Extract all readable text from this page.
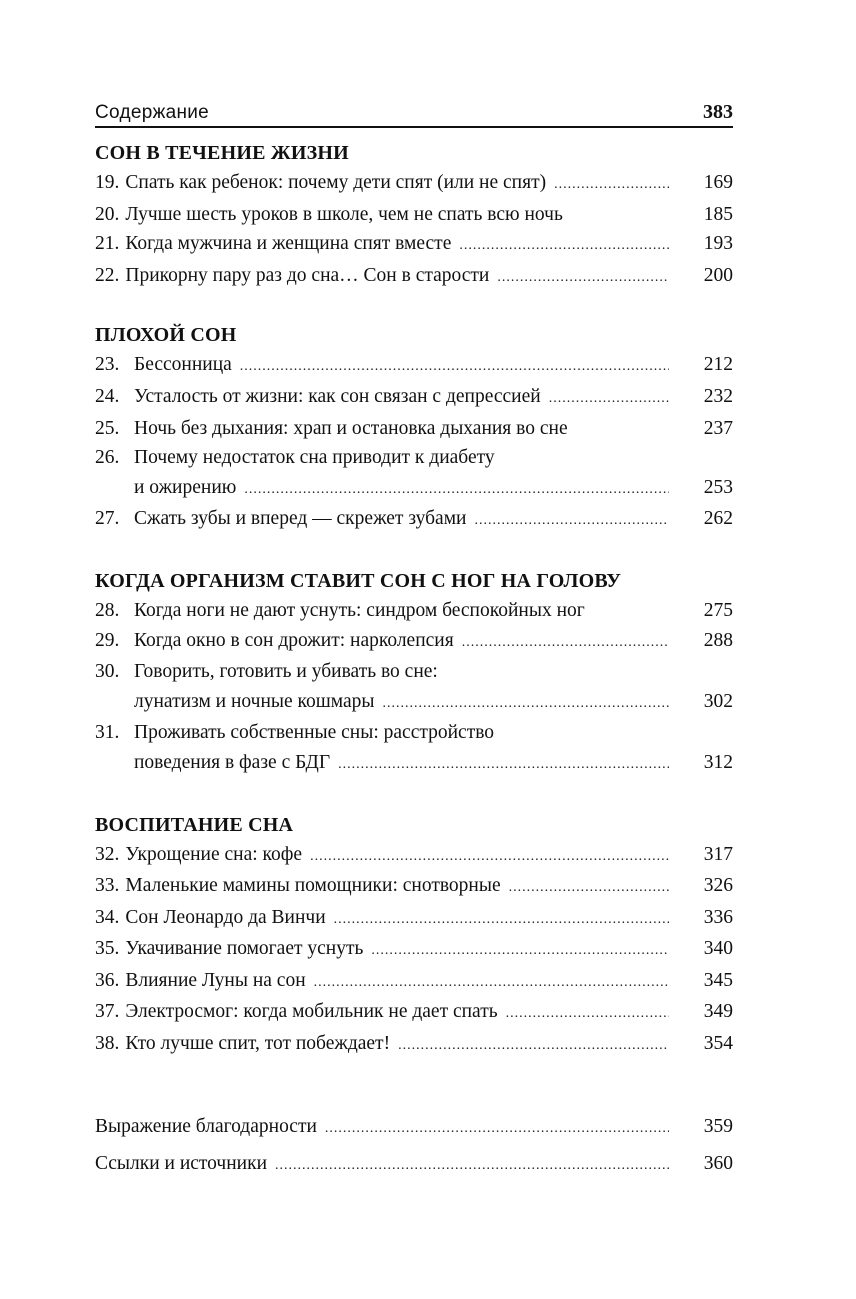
Содержание	383
СОН В ТЕЧЕНИЕ ЖИЗНИ
19. Спать как ребенок: почему дети спят (или не спят) .....	169
20. Лучше шесть уроков в школе, чем не спать всю ночь	185
21. Когда мужчина и женщина спят вместе .....	193
22. Прикорну пару раз до сна… Сон в старости .....	200
ПЛОХОЙ СОН
23. Бессонница .....	212
24. Усталость от жизни: как сон связан с депрессией .....	232
25. Ночь без дыхания: храп и остановка дыхания во сне	237
26. Почему недостаток сна приводит к диабету
и ожирению .....	253
27. Сжать зубы и вперед — скрежет зубами .....	262
КОГДА ОРГАНИЗМ СТАВИТ СОН С НОГ НА ГОЛОВУ
28. Когда ноги не дают уснуть: синдром беспокойных ног	275
29. Когда окно в сон дрожит: нарколепсия .....	288
30. Говорить, готовить и убивать во сне:
лунатизм и ночные кошмары .....	302
31. Проживать собственные сны: расстройство
поведения в фазе с БДГ .....	312
ВОСПИТАНИЕ СНА
32. Укрощение сна: кофе .....	317
33. Маленькие мамины помощники: снотворные .....	326
34. Сон Леонардо да Винчи .....	336
35. Укачивание помогает уснуть .....	340
36. Влияние Луны на сон .....	345
37. Электросмог: когда мобильник не дает спать .....	349
38. Кто лучше спит, тот побеждает! .....	354
Выражение благодарности .....	359
Ссылки и источники .....	360
